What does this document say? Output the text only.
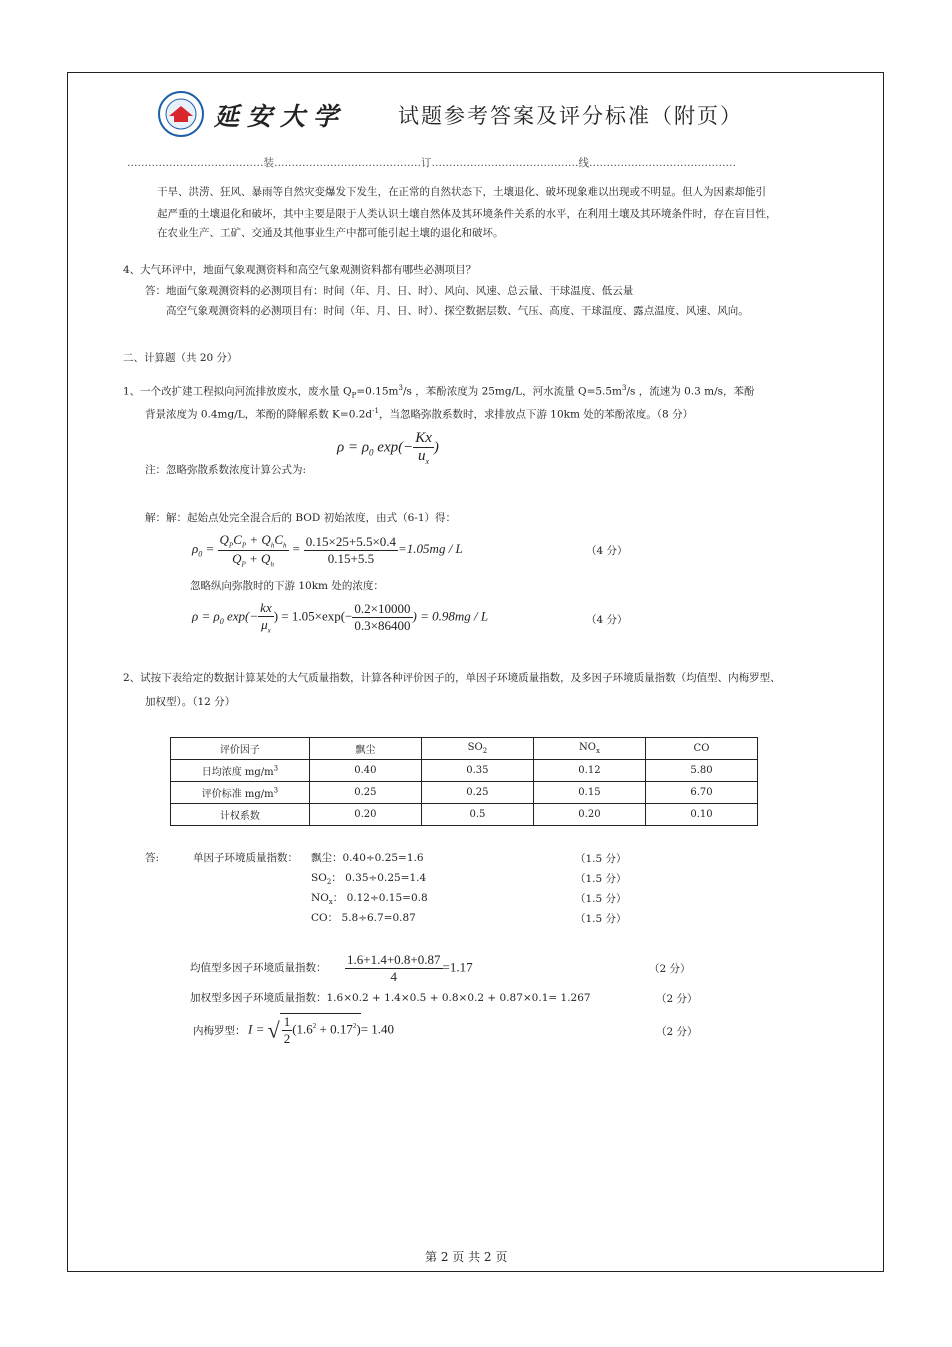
延安大学 试题参考答案及评分标准（附页）
…………………………………装……………………………………订……………………………………线……………………………………
干旱、洪涝、狂风、暴雨等自然灾变爆发下发生，在正常的自然状态下，土壤退化、破坏现象难以出现或不明显。但人为因素却能引
起严重的土壤退化和破坏，其中主要是限于人类认识土壤自然体及其环境条件关系的水平，在利用土壤及其环境条件时，存在盲目性，
在农业生产、工矿、交通及其他事业生产中都可能引起土壤的退化和破坏。
4、大气环评中，地面气象观测资料和高空气象观测资料都有哪些必测项目？
答：地面气象观测资料的必测项目有：时间（年、月、日、时）、风向、风速、总云量、干球温度、低云量
高空气象观测资料的必测项目有：时间（年、月、日、时）、探空数据层数、气压、高度、干球温度、露点温度、风速、风向。
二、计算题（共 20 分）
1、一个改扩建工程拟向河流排放废水，废水量 $Q_P=0.15m^3/s$ ，苯酚浓度为 25mg/L，河水流量 $Q=5.5m^3/s$ ，流速为 0.3 m/s，苯酚
背景浓度为 0.4mg/L，苯酚的降解系数 $K=0.2d^{-1}$，当忽略弥散系数时，求排放点下游 10km 处的苯酚浓度。（8 分）
$\rho = \rho_0$ $\exp(- \frac{Kx}{u_x}$ )
注：忽略弥散系数浓度计算公式为:
解：解：起始点处完全混合后的 BOD 初始浓度，由式（6-1）得：
$\rho_0 = \frac{Q_PC_P + Q_hC_h}{Q_P + Q_h} = \frac{0.15\times 25+5.5\times 0.4}{0.15+5.5} =1.05mg / L$	（4 分）
忽略纵向弥散时的下游 10km 处的浓度：
$\rho = \rho_0$ $\exp(- \frac{kx}{\mu_x}$ ) = $1.05\times\exp(- \frac{0.2\times 10000}{0.3\times 86400}$ ) = 0.98mg / L	（4 分）
2、试按下表给定的数据计算某处的大气质量指数，计算各种评价因子的，单因子环境质量指数，及多因子环境质量指数（均值型、内梅罗型、
加权型）。（12 分）
评价因子	飘尘	$SO_2$	$NO_x$	CO
日均浓度 $mg/m^3$	0.40	0.35	0.12	5.80
评价标准 $mg/m^3$	0.25	0.25	0.15	6.70
计权系数	0.20	0.5	0.20	0.10
答:	单因子环境质量指数： 飘尘：0.40÷0.25=1.6	（1.5 分）
$SO_2$： 0.35÷0.25=1.4	（1.5 分）
$NO_x$： 0.12÷0.15=0.8	（1.5 分）
CO： 5.8÷6.7=0.87	（1.5 分）
均值型多因子环境质量指数： $\frac{1.6+1.4+0.8+0.87}{4} =1.17$	（2 分）
加权型多因子环境质量指数：1.6×0.2 + 1.4×0.5 + 0.8×0.2 + 0.87×0.1= 1.267	（2 分）
内梅罗型： I = √ $\frac{1}{2} (1.6^2 + 0.17^2)= 1.40$	（2 分）
第 2 页 共 2 页
